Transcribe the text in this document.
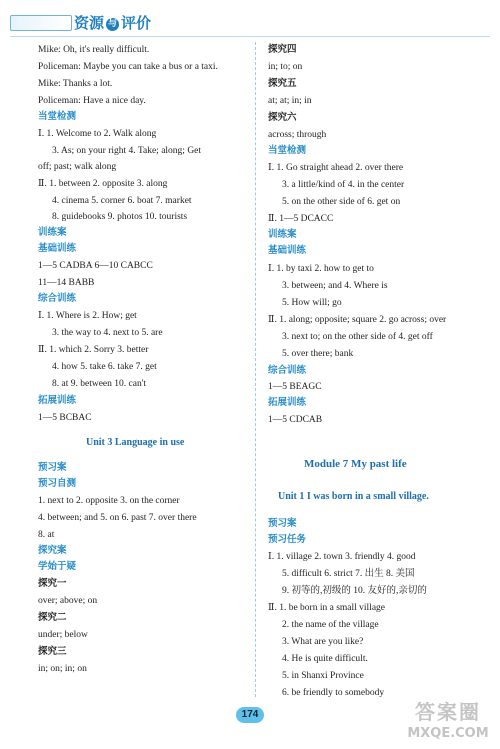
资源 与 评价
Mike: Oh, it's really difficult.
Policeman: Maybe you can take a bus or a taxi.
Mike: Thanks a lot.
Policeman: Have a nice day.
当堂检测
Ⅰ. 1. Welcome to 2. Walk along
3. As; on your right 4. Take; along; Get
off; past; walk along
Ⅱ. 1. between 2. opposite 3. along
4. cinema 5. corner 6. boat 7. market
8. guidebooks 9. photos 10. tourists
训练案
基础训练
1—5 CADBA 6—10 CABCC
11—14 BABB
综合训练
Ⅰ. 1. Where is 2. How; get
3. the way to 4. next to 5. are
Ⅱ. 1. which 2. Sorry 3. better
4. how 5. take 6. take 7. get
8. at 9. between 10. can't
拓展训练
1—5 BCBAC
Unit 3 Language in use
预习案
预习自测
1. next to 2. opposite 3. on the corner
4. between; and 5. on 6. past 7. over there
8. at
探究案
学始于疑
探究一
over; above; on
探究二
under; below
探究三
in; on; in; on
探究四
in; to; on
探究五
at; at; in; in
探究六
across; through
当堂检测
Ⅰ. 1. Go straight ahead 2. over there
3. a little/kind of 4. in the center
5. on the other side of 6. get on
Ⅱ. 1—5 DCACC
训练案
基础训练
Ⅰ. 1. by taxi 2. how to get to
3. between; and 4. Where is
5. How will; go
Ⅱ. 1. along; opposite; square 2. go across; over
3. next to; on the other side of 4. get off
5. over there; bank
综合训练
1—5 BEAGC
拓展训练
1—5 CDCAB
Module 7 My past life
Unit 1 I was born in a small village.
预习案
预习任务
Ⅰ. 1. village 2. town 3. friendly 4. good
5. difficult 6. strict 7. 出生 8. 美国
9. 初等的,初级的 10. 友好的,亲切的
Ⅱ. 1. be born in a small village
2. the name of the village
3. What are you like?
4. He is quite difficult.
5. in Shanxi Province
6. be friendly to somebody
174	答案圈
MXQE.COM
